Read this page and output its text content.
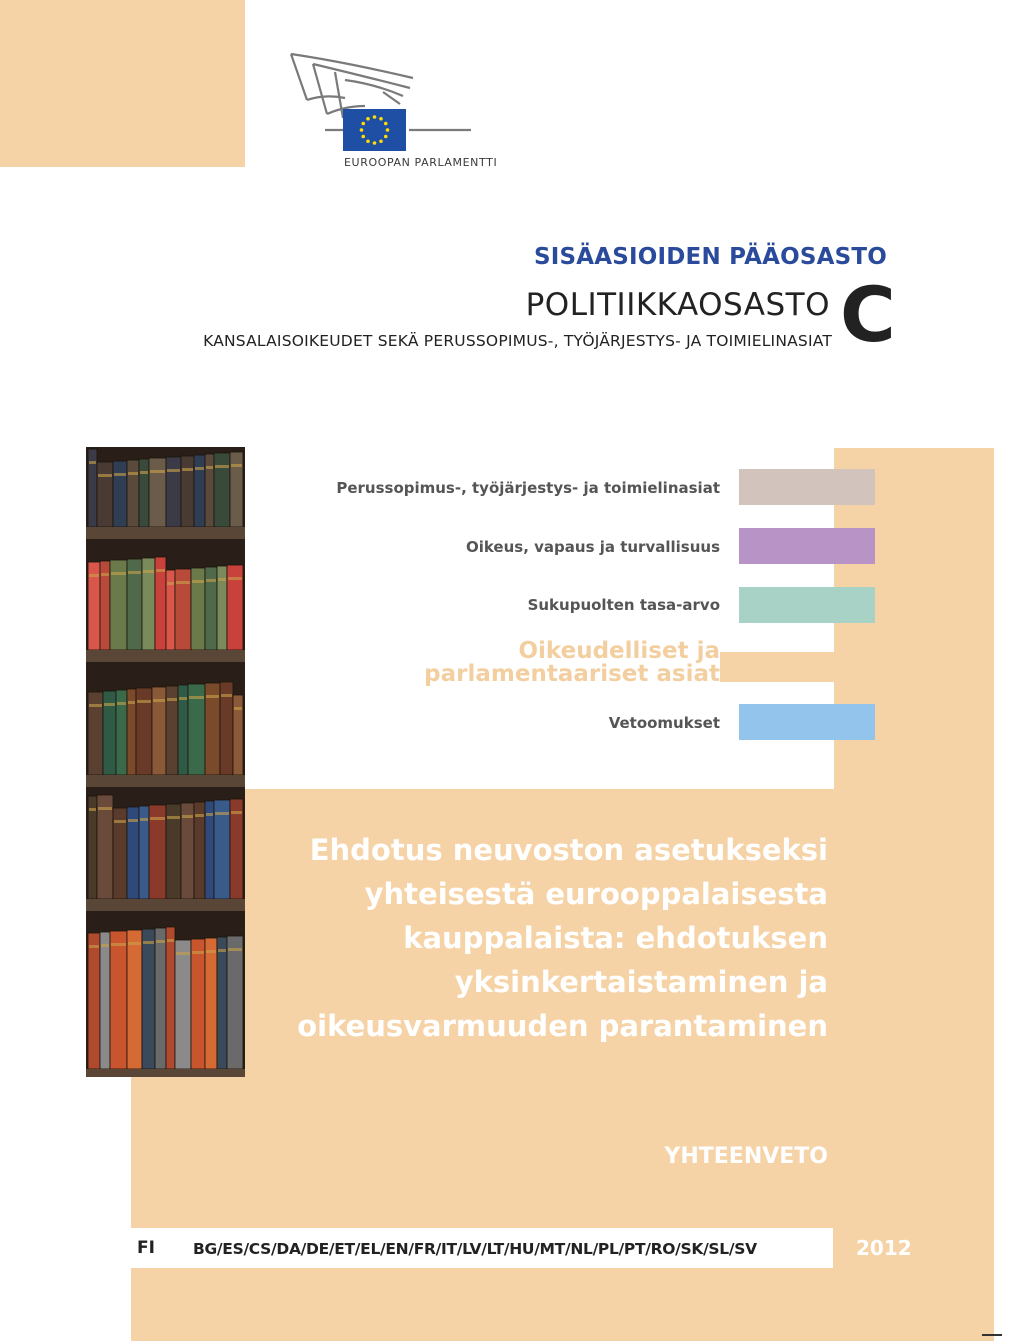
EUROOPAN PARLAMENTTI
SISÄASIOIDEN PÄÄOSASTO
POLITIIKKAOSASTO C
KANSALAISOIKEUDET SEKÄ PERUSSOPIMUS-, TYÖJÄRJESTYS- JA TOIMIELINASIAT
Perussopimus-, työjärjestys- ja toimielinasiat
Oikeus, vapaus ja turvallisuus
Sukupuolten tasa-arvo
Oikeudelliset ja
parlamentaariset asiat
Vetoomukset
Ehdotus neuvoston asetukseksi yhteisestä eurooppalaisesta kauppalaista: ehdotuksen yksinkertaistaminen ja oikeusvarmuuden parantaminen
YHTEENVETO
FI BG/ES/CS/DA/DE/ET/EL/EN/FR/IT/LV/LT/HU/MT/NL/PL/PT/RO/SK/SL/SV	2012
